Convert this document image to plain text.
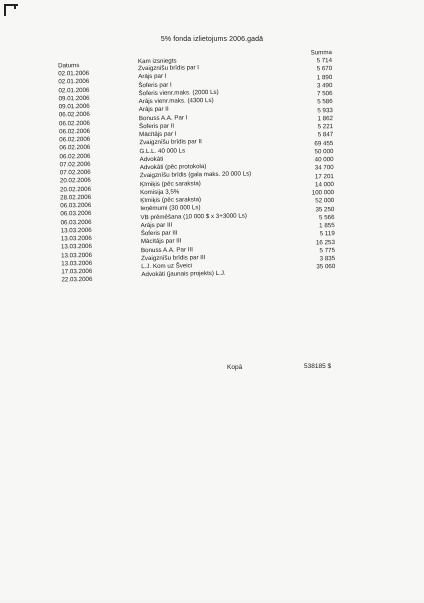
5% fonda izlietojums 2006.gadā
Datums
Kam izsniegts
Summa
02.01.2006
Zvaigznīšu brīdis par I
5 714
02.01.2006
Arājs par I
5 670
02.01.2006
Šoferis par I
1 890
09.01.2006
Šoferis vienr.maks. (2000 Ls)
3 490
09.01.2006
Arājs vienr.maks. (4300 Ls)
7 506
06.02.2006
Arājs par II
5 586
06.02.2006
Bonuss A.A. Par I
5 933
06.02.2006
Šoferis par II
1 862
06.02.2006
Mācītājs par I
5 221
06.02.2006
Zvaigznīšu brīdis par II
5 847
06.02.2006
G.L.L. 40 000 Ls
69 455
07.02.2006
Advokāti
50 000
07.02.2006
Advokāti (pēc protokola)
40 000
20.02.2006
Zvaigznīšu brīdis (gala maks. 20 000 Ls)
34 700
20.02.2006
Ķīmiķis (pēc saraksta)
17 201
28.02.2006
Komisija 3,5%
14 000
06.03.2006
Ķīmiķis (pēc saraksta)
100 000
06.03.2006
Ieņēmumi (30 000 Ls)
52 000
06.03.2006
VB prēmēšana (10 000 $ x 3+3000 Ls)
35 250
13.03.2006
Arājs par III
5 566
13.03.2006
Šoferis par III
1 855
13.03.2006
Mācītājs par III
5 119
13.03.2006
Bonuss A.A. Par III
16 253
13.03.2006
Zvaigznīšu brīdis par III
5 775
17.03.2006
L.J. Kom uz Šveici
3 835
22.03.2006
Advokāti (jaunais projekts) L.J.
35 060
Kopā	538185 $
